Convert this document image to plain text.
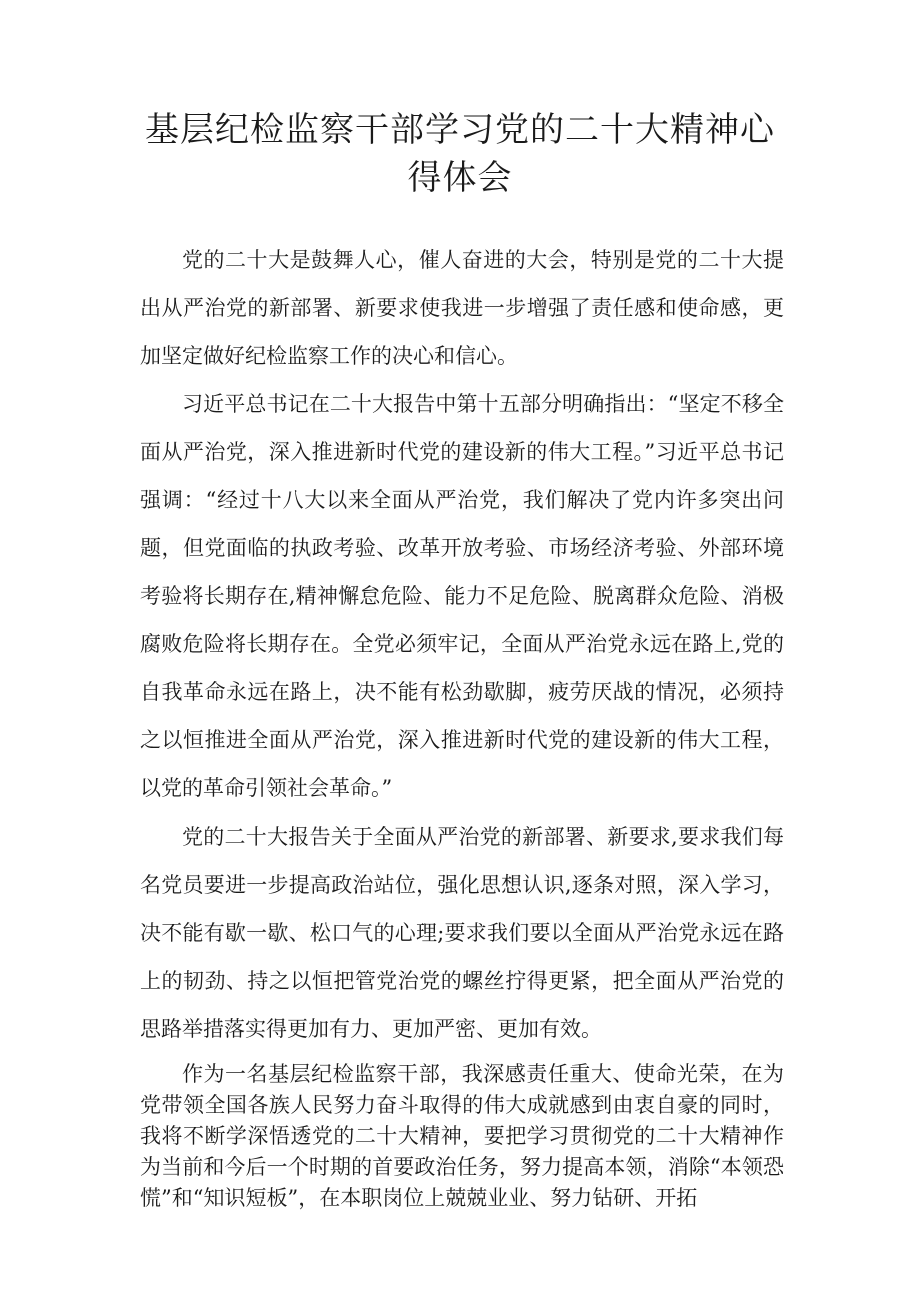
基层纪检监察干部学习党的二十大精神心得体会

党的二十大是鼓舞人心，催人奋进的大会，特别是党的二十大提出从严治党的新部署、新要求使我进一步增强了责任感和使命感，更加坚定做好纪检监察工作的决心和信心。

习近平总书记在二十大报告中第十五部分明确指出：“坚定不移全面从严治党，深入推进新时代党的建设新的伟大工程。”习近平总书记强调：“经过十八大以来全面从严治党，我们解决了党内许多突出问题，但党面临的执政考验、改革开放考验、市场经济考验、外部环境考验将长期存在,精神懈怠危险、能力不足危险、脱离群众危险、消极腐败危险将长期存在。全党必须牢记，全面从严治党永远在路上,党的自我革命永远在路上，决不能有松劲歇脚，疲劳厌战的情况，必须持之以恒推进全面从严治党，深入推进新时代党的建设新的伟大工程，以党的革命引领社会革命。”

党的二十大报告关于全面从严治党的新部署、新要求,要求我们每名党员要进一步提高政治站位，强化思想认识,逐条对照，深入学习，决不能有歇一歇、松口气的心理;要求我们要以全面从严治党永远在路上的韧劲、持之以恒把管党治党的螺丝拧得更紧，把全面从严治党的思路举措落实得更加有力、更加严密、更加有效。

作为一名基层纪检监察干部，我深感责任重大、使命光荣，在为党带领全国各族人民努力奋斗取得的伟大成就感到由衷自豪的同时，我将不断学深悟透党的二十大精神，要把学习贯彻党的二十大精神作为当前和今后一个时期的首要政治任务，努力提高本领，消除“本领恐慌”和“知识短板”，在本职岗位上兢兢业业、努力钻研、开拓
